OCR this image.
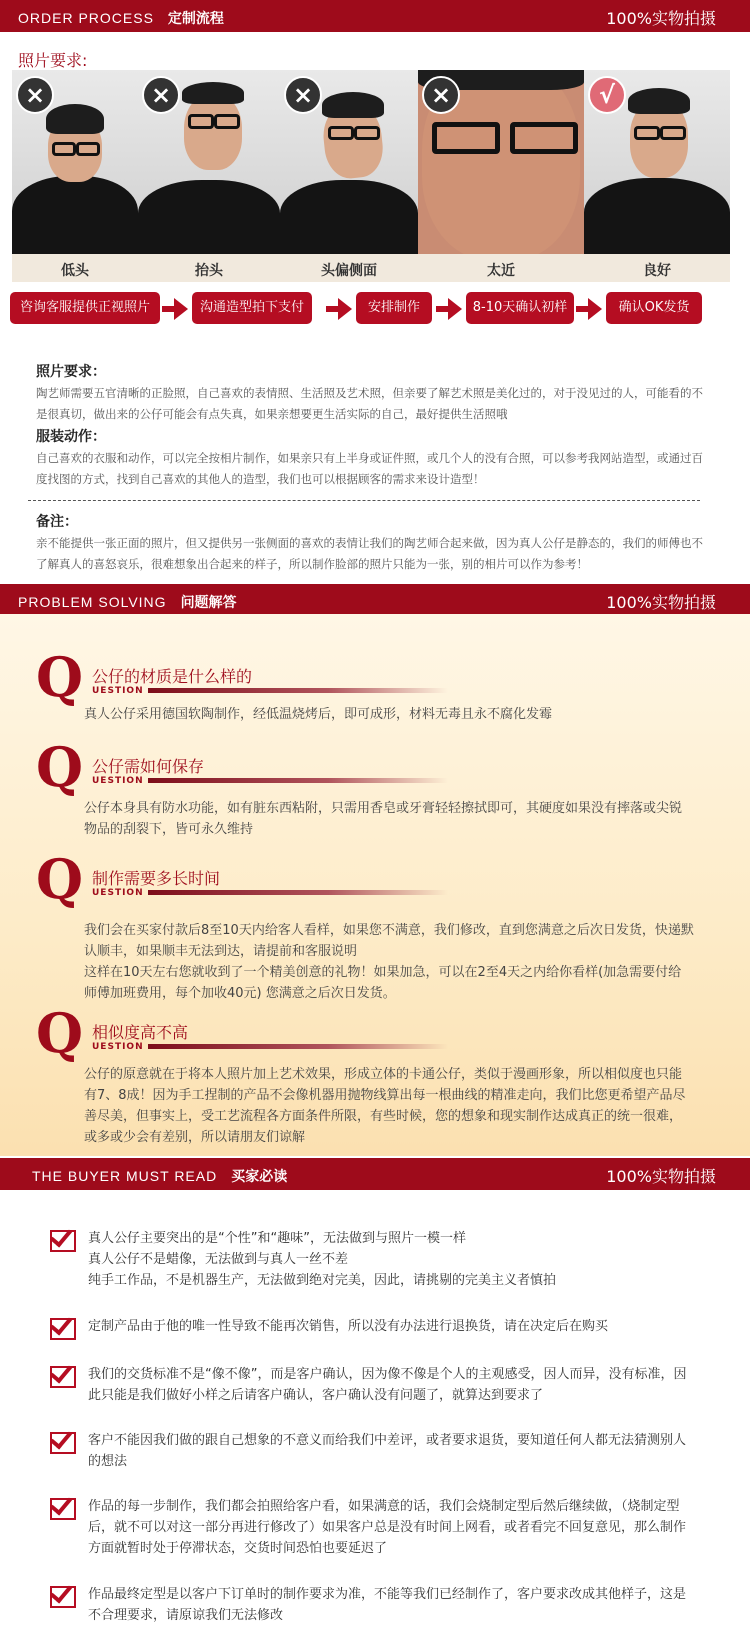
ORDER PROCESS 定制流程	100%实物拍摄
照片要求:
×	×	×	×	√
低头	抬头	头偏侧面	太近	良好
咨询客服提供正视照片	沟通造型拍下支付	安排制作	8-10天确认初样	确认OK发货
照片要求：
陶艺师需要五官清晰的正脸照，自己喜欢的表情照、生活照及艺术照，但亲要了解艺术照是美化过的，对于没见过的人，可能看的不是很真切，做出来的公仔可能会有点失真，如果亲想要更生活实际的自己，最好提供生活照哦
服装动作：
自己喜欢的衣服和动作，可以完全按相片制作，如果亲只有上半身或证件照，或几个人的没有合照，可以参考我网站造型，或通过百度找图的方式，找到自己喜欢的其他人的造型，我们也可以根据顾客的需求来设计造型！
备注：
亲不能提供一张正面的照片，但又提供另一张侧面的喜欢的表情让我们的陶艺师合起来做，因为真人公仔是静态的，我们的师傅也不了解真人的喜怒哀乐，很难想象出合起来的样子，所以制作脸部的照片只能为一张，别的相片可以作为参考！
PROBLEM SOLVING 问题解答	100%实物拍摄
Q 公仔的材质是什么样的
UESTION
真人公仔采用德国软陶制作，经低温烧烤后，即可成形，材料无毒且永不腐化发霉
Q 公仔需如何保存
UESTION
公仔本身具有防水功能，如有脏东西粘附，只需用香皂或牙膏轻轻擦拭即可，其硬度如果没有摔落或尖锐物品的刮裂下，皆可永久维持
Q 制作需要多长时间
UESTION
我们会在买家付款后8至10天内给客人看样，如果您不满意，我们修改，直到您满意之后次日发货，快递默认顺丰，如果顺丰无法到达，请提前和客服说明
这样在10天左右您就收到了一个精美创意的礼物！如果加急，可以在2至4天之内给你看样(加急需要付给师傅加班费用，每个加收40元) 您满意之后次日发货。
Q 相似度高不高
UESTION
公仔的原意就在于将本人照片加上艺术效果，形成立体的卡通公仔，类似于漫画形象，所以相似度也只能有7、8成！因为手工捏制的产品不会像机器用抛物线算出每一根曲线的精准走向，我们比您更希望产品尽善尽美，但事实上，受工艺流程各方面条件所限，有些时候，您的想象和现实制作达成真正的统一很难，或多或少会有差别，所以请朋友们谅解
THE BUYER MUST READ 买家必读	100%实物拍摄
真人公仔主要突出的是“个性”和“趣味”，无法做到与照片一模一样
真人公仔不是蜡像，无法做到与真人一丝不差
纯手工作品，不是机器生产，无法做到绝对完美，因此，请挑剔的完美主义者慎拍
定制产品由于他的唯一性导致不能再次销售，所以没有办法进行退换货，请在决定后在购买
我们的交货标准不是“像不像”，而是客户确认，因为像不像是个人的主观感受，因人而异，没有标准，因此只能是我们做好小样之后请客户确认，客户确认没有问题了，就算达到要求了
客户不能因我们做的跟自己想象的不意义而给我们中差评，或者要求退货，要知道任何人都无法猜测别人的想法
作品的每一步制作，我们都会拍照给客户看，如果满意的话，我们会烧制定型后然后继续做，（烧制定型后，就不可以对这一部分再进行修改了）如果客户总是没有时间上网看，或者看完不回复意见，那么制作方面就暂时处于停滞状态，交货时间恐怕也要延迟了
作品最终定型是以客户下订单时的制作要求为准，不能等我们已经制作了，客户要求改成其他样子，这是不合理要求，请原谅我们无法修改
